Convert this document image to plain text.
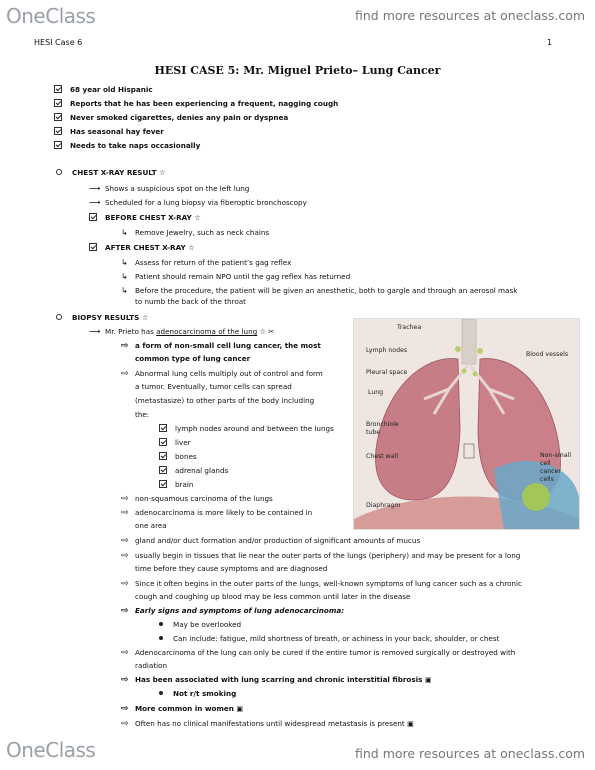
OneClass	find more resources at oneclass.com
HESI Case 6	1
HESI CASE 5: Mr. Miguel Prieto– Lung Cancer
68 year old Hispanic
Reports that he has been experiencing a frequent, nagging cough
Never smoked cigarettes, denies any pain or dyspnea
Has seasonal hay fever
Needs to take naps occasionally
CHEST X-RAY RESULT ☆
⟶ Shows a suspicious spot on the left lung
⟶ Scheduled for a lung biopsy via fiberoptic bronchoscopy
BEFORE CHEST X-RAY ☆
↳ Remove Jewelry, such as neck chains
AFTER CHEST X-RAY ☆
↳ Assess for return of the patient’s gag reflex
↳ Patient should remain NPO until the gag reflex has returned
↳ Before the procedure, the patient will be given an anesthetic, both to gargle and through an aerosol mask
to numb the back of the throat
BIOPSY RESULTS ☆
⟶ Mr. Prieto has adenocarcinoma of the lung ☆ ✂
⇨ a form of non-small cell lung cancer, the most
common type of lung cancer
⇨ Abnormal lung cells multiply out of control and form
a tumor. Eventually, tumor cells can spread
(metastasize) to other parts of the body including
the:
lymph nodes around and between the lungs
liver
bones
adrenal glands
brain
⇨ non-squamous carcinoma of the lungs
⇨ adenocarcinoma is more likely to be contained in
one area
⇨ gland and/or duct formation and/or production of significant amounts of mucus
⇨ usually begin in tissues that lie near the outer parts of the lungs (periphery) and may be present for a long
time before they cause symptoms and are diagnosed
⇨ Since it often begins in the outer parts of the lungs, well-known symptoms of lung cancer such as a chronic
cough and coughing up blood may be less common until later in the disease
⇨ Early signs and symptoms of lung adenocarcinoma:
May be overlooked
Can include: fatigue, mild shortness of breath, or achiness in your back, shoulder, or chest
⇨ Adenocarcinoma of the lung can only be cured if the entire tumor is removed surgically or destroyed with
radiation
⇨ Has been associated with lung scarring and chronic interstitial fibrosis ▣
Not r/t smoking
⇨ More common in women ▣
⇨ Often has no clinical manifestations until widespread metastasis is present ▣
Trachea
Lymph nodes
Blood vessels
Pleural space
Lung
Bronchiole
tube
Chest wall	Non-small
cell
cancer
cells
Diaphragm
OneClass	find more resources at oneclass.com
